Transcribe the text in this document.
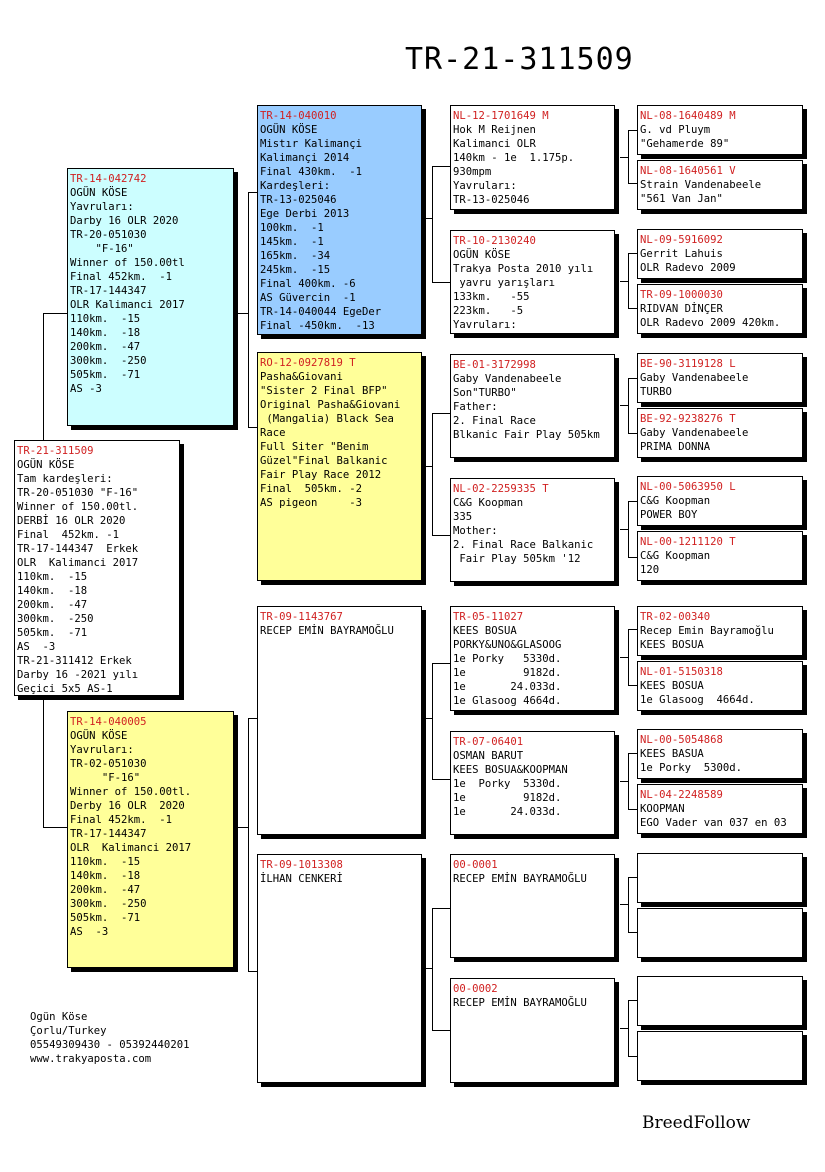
TR-21-311509
TR-21-311509
OGÜN KÖSE
Tam kardeşleri:
TR-20-051030 "F-16"
Winner of 150.00tl.
DERBİ 16 OLR 2020
Final  452km. -1
TR-17-144347  Erkek
OLR  Kalimanci 2017
110km.  -15
140km.  -18
200km.  -47
300km.  -250
505km.  -71
AS  -3
TR-21-311412 Erkek
Darby 16 -2021 yılı
Geçici 5x5 AS-1
TR-14-042742
OGÜN KÖSE
Yavruları:
Darby 16 OLR 2020
TR-20-051030
"F-16"
Winner of 150.00tl
Final 452km.  -1
TR-17-144347
OLR Kalimanci 2017
110km.  -15
140km.  -18
200km.  -47
300km.  -250
505km.  -71
AS -3
TR-14-040005
OGÜN KÖSE
Yavruları:
TR-02-051030
"F-16"
Winner of 150.00tl.
Derby 16 OLR  2020
Final 452km.  -1
TR-17-144347
OLR  Kalimanci 2017
110km.  -15
140km.  -18
200km.  -47
300km.  -250
505km.  -71
AS  -3
TR-14-040010
OGÜN KÖSE
Mistır Kalimançi
Kalimançi 2014
Final 430km.  -1
Kardeşleri:
TR-13-025046
Ege Derbi 2013
100km.  -1
145km.  -1
165km.  -34
245km.  -15
Final 400km. -6
AS Güvercin  -1
TR-14-040044 EgeDer
Final -450km.  -13
RO-12-0927819 T
Pasha&Giovani
"Sister 2 Final BFP"
Original Pasha&Giovani
(Mangalia) Black Sea
Race
Full Siter "Benim
Güzel"Final Balkanic
Fair Play Race 2012
Final  505km. -2
AS pigeon     -3
TR-09-1143767
RECEP EMİN BAYRAMOĞLU
TR-09-1013308
İLHAN CENKERİ
NL-12-1701649 M
Hok M Reijnen
Kalimanci OLR
140km - 1e  1.175p.
930mpm
Yavruları:
TR-13-025046
TR-10-2130240
OGÜN KÖSE
Trakya Posta 2010 yılı
yavru yarışları
133km.   -55
223km.   -5
Yavruları:
BE-01-3172998
Gaby Vandenabeele
Son"TURBO"
Father:
2. Final Race
Blkanic Fair Play 505km
NL-02-2259335 T
C&G Koopman
335
Mother:
2. Final Race Balkanic
Fair Play 505km '12
TR-05-11027
KEES BOSUA
PORKY&UNO&GLASOOG
1e Porky   5330d.
1e         9182d.
1e       24.033d.
1e Glasoog 4664d.
TR-07-06401
OSMAN BARUT
KEES BOSUA&KOOPMAN
1e  Porky  5330d.
1e         9182d.
1e       24.033d.
00-0001
RECEP EMİN BAYRAMOĞLU
00-0002
RECEP EMİN BAYRAMOĞLU
NL-08-1640489 M
G. vd Pluym
"Gehamerde 89"
NL-08-1640561 V
Strain Vandenabeele
"561 Van Jan"
NL-09-5916092
Gerrit Lahuis
OLR Radevo 2009
TR-09-1000030
RIDVAN DİNÇER
OLR Radevo 2009 420km.
BE-90-3119128 L
Gaby Vandenabeele
TURBO
BE-92-9238276 T
Gaby Vandenabeele
PRIMA DONNA
NL-00-5063950 L
C&G Koopman
POWER BOY
NL-00-1211120 T
C&G Koopman
120
TR-02-00340
Recep Emin Bayramoğlu
KEES BOSUA
NL-01-5150318
KEES BOSUA
1e Glasoog  4664d.
NL-00-5054868
KEES BASUA
1e Porky  5300d.
NL-04-2248589
KOOPMAN
EGO Vader van 037 en 03
Ogün Köse
Çorlu/Turkey
05549309430 - 05392440201
www.trakyaposta.com
BreedFollow
